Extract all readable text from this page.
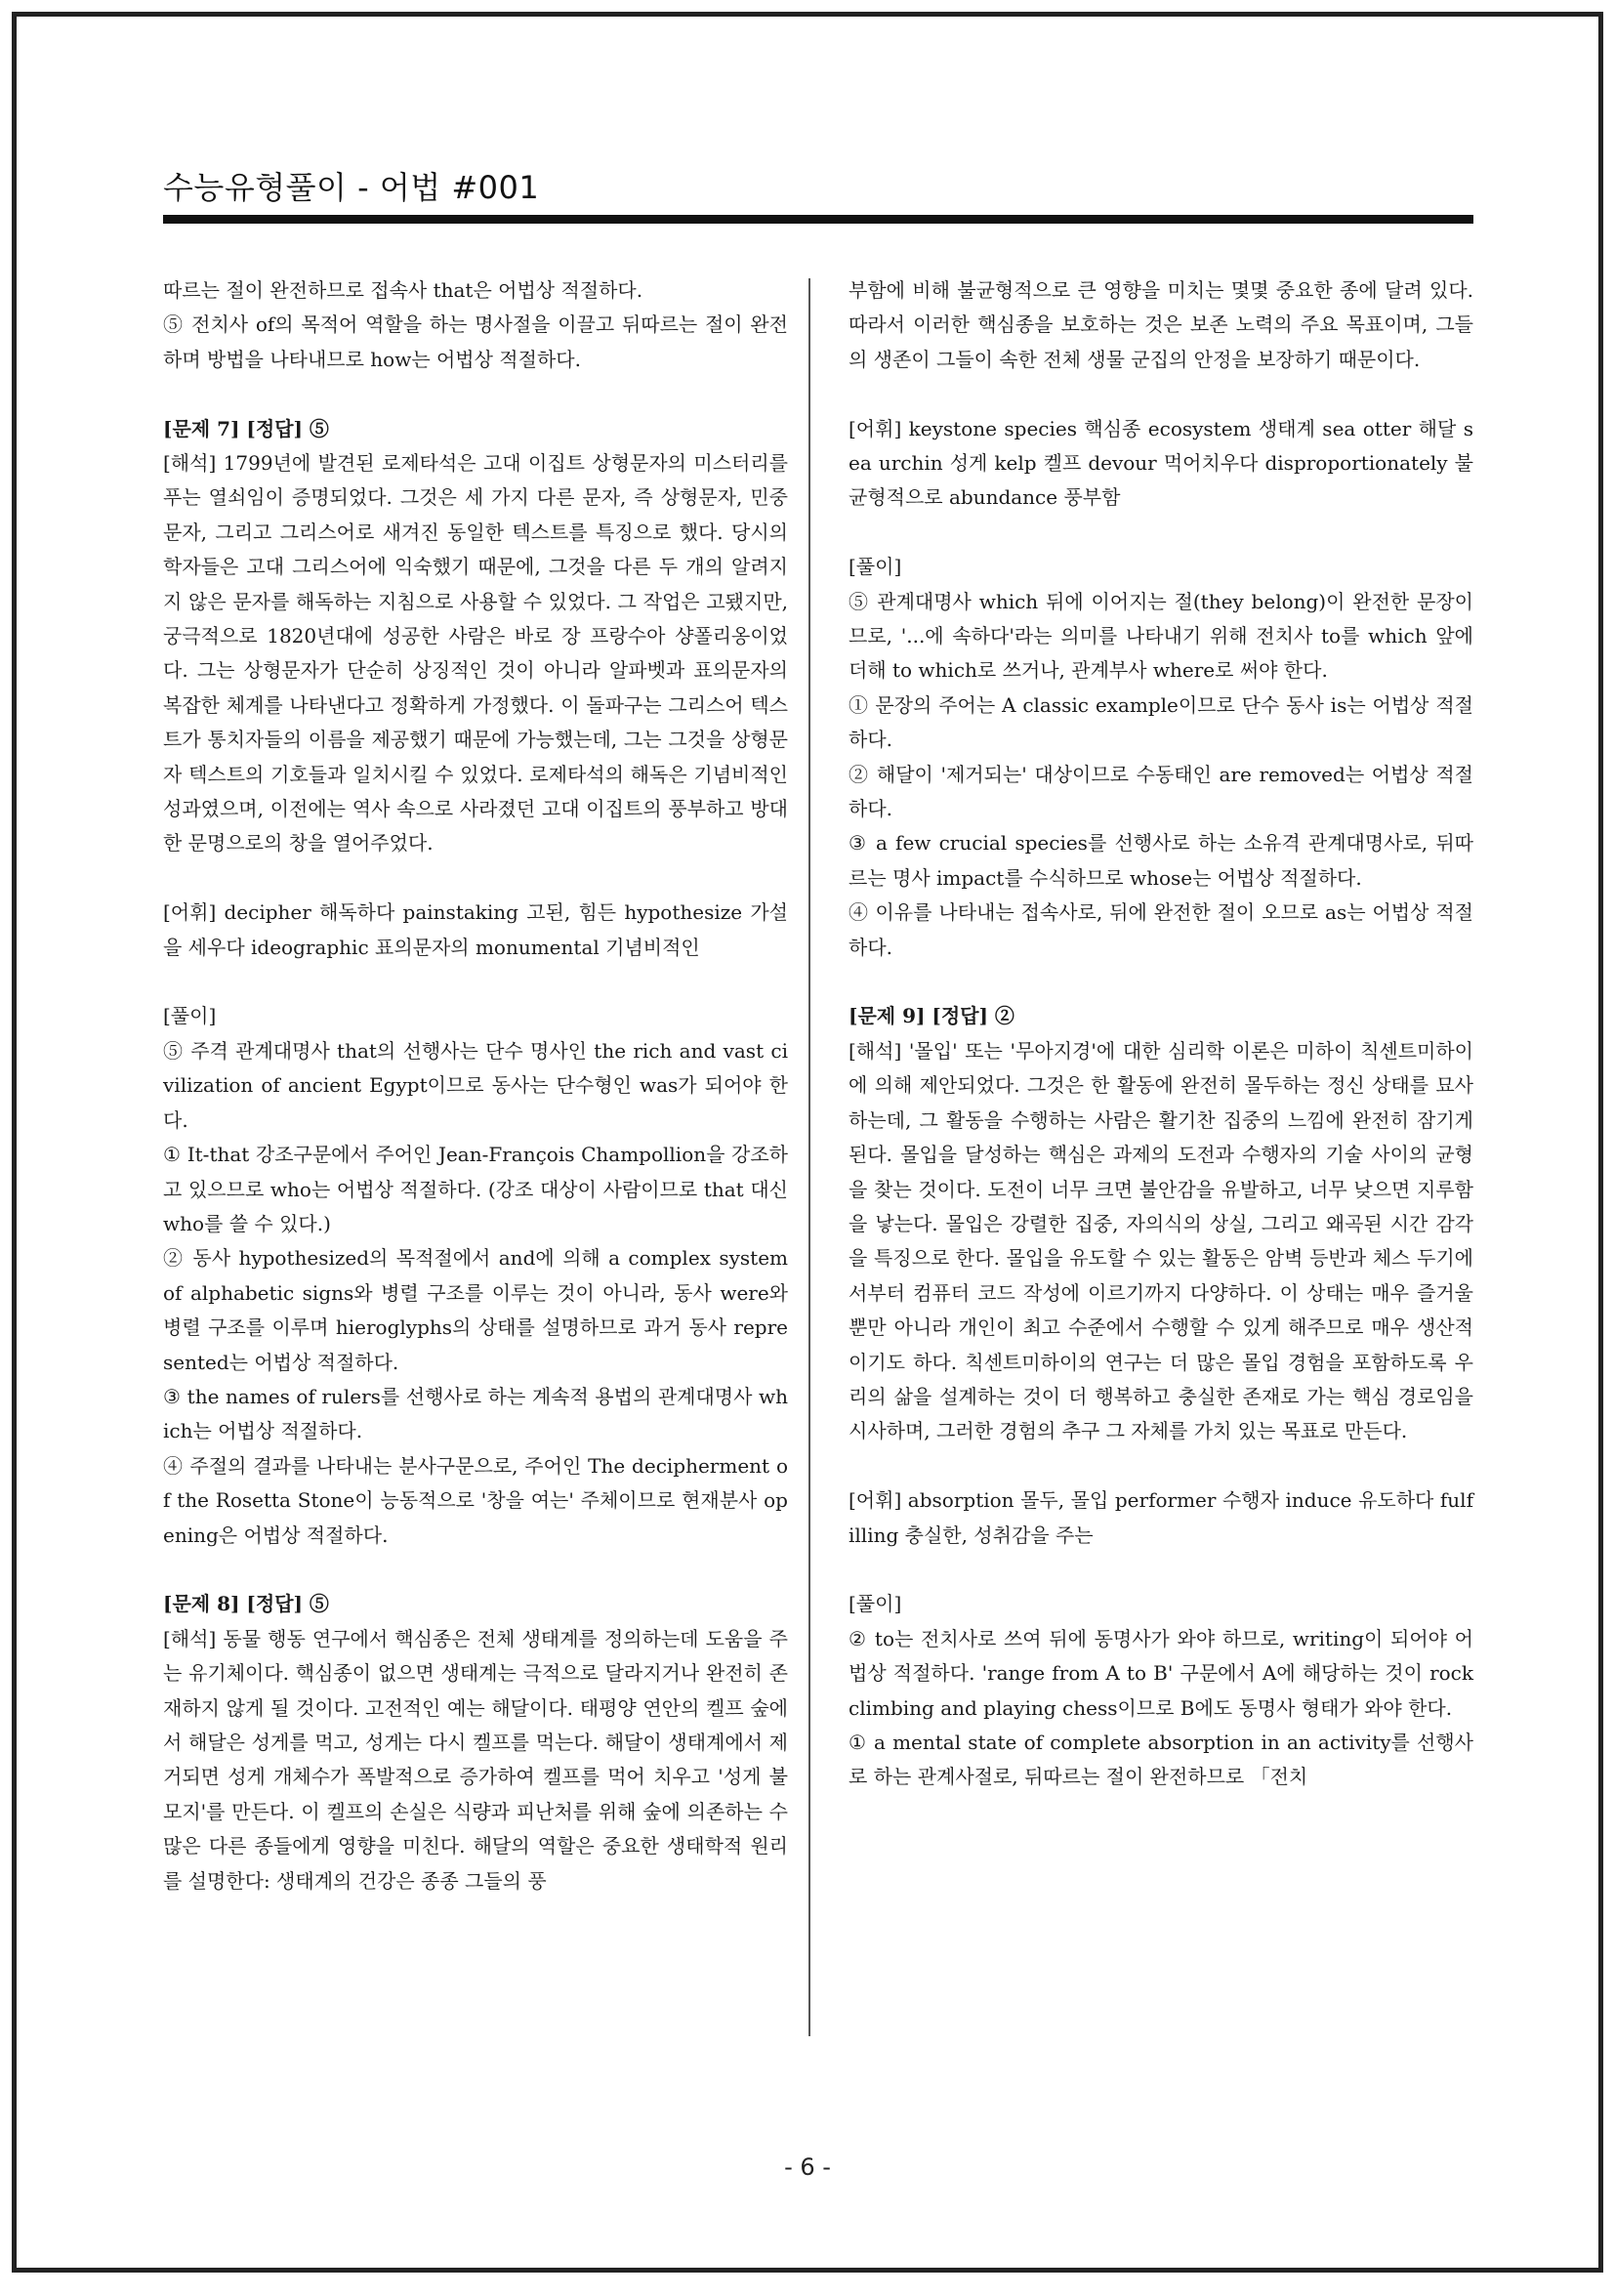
수능유형풀이 - 어법 #001

따르는 절이 완전하므로 접속사 that은 어법상 적절하다.

⑤ 전치사 of의 목적어 역할을 하는 명사절을 이끌고 뒤따르는 절이 완전하며 방법을 나타내므로 how는 어법상 적절하다.

[문제 7] [정답] ⑤

[해석] 1799년에 발견된 로제타석은 고대 이집트 상형문자의 미스터리를 푸는 열쇠임이 증명되었다. 그것은 세 가지 다른 문자, 즉 상형문자, 민중문자, 그리고 그리스어로 새겨진 동일한 텍스트를 특징으로 했다. 당시의 학자들은 고대 그리스어에 익숙했기 때문에, 그것을 다른 두 개의 알려지지 않은 문자를 해독하는 지침으로 사용할 수 있었다. 그 작업은 고됐지만, 궁극적으로 1820년대에 성공한 사람은 바로 장 프랑수아 샹폴리옹이었다. 그는 상형문자가 단순히 상징적인 것이 아니라 알파벳과 표의문자의 복잡한 체계를 나타낸다고 정확하게 가정했다. 이 돌파구는 그리스어 텍스트가 통치자들의 이름을 제공했기 때문에 가능했는데, 그는 그것을 상형문자 텍스트의 기호들과 일치시킬 수 있었다. 로제타석의 해독은 기념비적인 성과였으며, 이전에는 역사 속으로 사라졌던 고대 이집트의 풍부하고 방대한 문명으로의 창을 열어주었다.

[어휘] decipher 해독하다 painstaking 고된, 힘든 hypothesize 가설을 세우다 ideographic 표의문자의 monumental 기념비적인

[풀이]

⑤ 주격 관계대명사 that의 선행사는 단수 명사인 the rich and vast civilization of ancient Egypt이므로 동사는 단수형인 was가 되어야 한다.

① It-that 강조구문에서 주어인 Jean-François Champollion을 강조하고 있으므로 who는 어법상 적절하다. (강조 대상이 사람이므로 that 대신 who를 쓸 수 있다.)

② 동사 hypothesized의 목적절에서 and에 의해 a complex system of alphabetic signs와 병렬 구조를 이루는 것이 아니라, 동사 were와 병렬 구조를 이루며 hieroglyphs의 상태를 설명하므로 과거 동사 represented는 어법상 적절하다.

③ the names of rulers를 선행사로 하는 계속적 용법의 관계대명사 which는 어법상 적절하다.

④ 주절의 결과를 나타내는 분사구문으로, 주어인 The decipherment of the Rosetta Stone이 능동적으로 '창을 여는' 주체이므로 현재분사 opening은 어법상 적절하다.

[문제 8] [정답] ⑤

[해석] 동물 행동 연구에서 핵심종은 전체 생태계를 정의하는데 도움을 주는 유기체이다. 핵심종이 없으면 생태계는 극적으로 달라지거나 완전히 존재하지 않게 될 것이다. 고전적인 예는 해달이다. 태평양 연안의 켈프 숲에서 해달은 성게를 먹고, 성게는 다시 켈프를 먹는다. 해달이 생태계에서 제거되면 성게 개체수가 폭발적으로 증가하여 켈프를 먹어 치우고 '성게 불모지'를 만든다. 이 켈프의 손실은 식량과 피난처를 위해 숲에 의존하는 수많은 다른 종들에게 영향을 미친다. 해달의 역할은 중요한 생태학적 원리를 설명한다: 생태계의 건강은 종종 그들의 풍

부함에 비해 불균형적으로 큰 영향을 미치는 몇몇 중요한 종에 달려 있다. 따라서 이러한 핵심종을 보호하는 것은 보존 노력의 주요 목표이며, 그들의 생존이 그들이 속한 전체 생물 군집의 안정을 보장하기 때문이다.

[어휘] keystone species 핵심종 ecosystem 생태계 sea otter 해달 sea urchin 성게 kelp 켈프 devour 먹어치우다 disproportionately 불균형적으로 abundance 풍부함

[풀이]

⑤ 관계대명사 which 뒤에 이어지는 절(they belong)이 완전한 문장이므로, '...에 속하다'라는 의미를 나타내기 위해 전치사 to를 which 앞에 더해 to which로 쓰거나, 관계부사 where로 써야 한다.

① 문장의 주어는 A classic example이므로 단수 동사 is는 어법상 적절하다.

② 해달이 '제거되는' 대상이므로 수동태인 are removed는 어법상 적절하다.

③ a few crucial species를 선행사로 하는 소유격 관계대명사로, 뒤따르는 명사 impact를 수식하므로 whose는 어법상 적절하다.

④ 이유를 나타내는 접속사로, 뒤에 완전한 절이 오므로 as는 어법상 적절하다.

[문제 9] [정답] ②

[해석] '몰입' 또는 '무아지경'에 대한 심리학 이론은 미하이 칙센트미하이에 의해 제안되었다. 그것은 한 활동에 완전히 몰두하는 정신 상태를 묘사하는데, 그 활동을 수행하는 사람은 활기찬 집중의 느낌에 완전히 잠기게 된다. 몰입을 달성하는 핵심은 과제의 도전과 수행자의 기술 사이의 균형을 찾는 것이다. 도전이 너무 크면 불안감을 유발하고, 너무 낮으면 지루함을 낳는다. 몰입은 강렬한 집중, 자의식의 상실, 그리고 왜곡된 시간 감각을 특징으로 한다. 몰입을 유도할 수 있는 활동은 암벽 등반과 체스 두기에서부터 컴퓨터 코드 작성에 이르기까지 다양하다. 이 상태는 매우 즐거울 뿐만 아니라 개인이 최고 수준에서 수행할 수 있게 해주므로 매우 생산적이기도 하다. 칙센트미하이의 연구는 더 많은 몰입 경험을 포함하도록 우리의 삶을 설계하는 것이 더 행복하고 충실한 존재로 가는 핵심 경로임을 시사하며, 그러한 경험의 추구 그 자체를 가치 있는 목표로 만든다.

[어휘] absorption 몰두, 몰입 performer 수행자 induce 유도하다 fulfilling 충실한, 성취감을 주는

[풀이]

② to는 전치사로 쓰여 뒤에 동명사가 와야 하므로, writing이 되어야 어법상 적절하다. 'range from A to B' 구문에서 A에 해당하는 것이 rock climbing and playing chess이므로 B에도 동명사 형태가 와야 한다.

① a mental state of complete absorption in an activity를 선행사로 하는 관계사절로, 뒤따르는 절이 완전하므로 「전치

- 6 -
